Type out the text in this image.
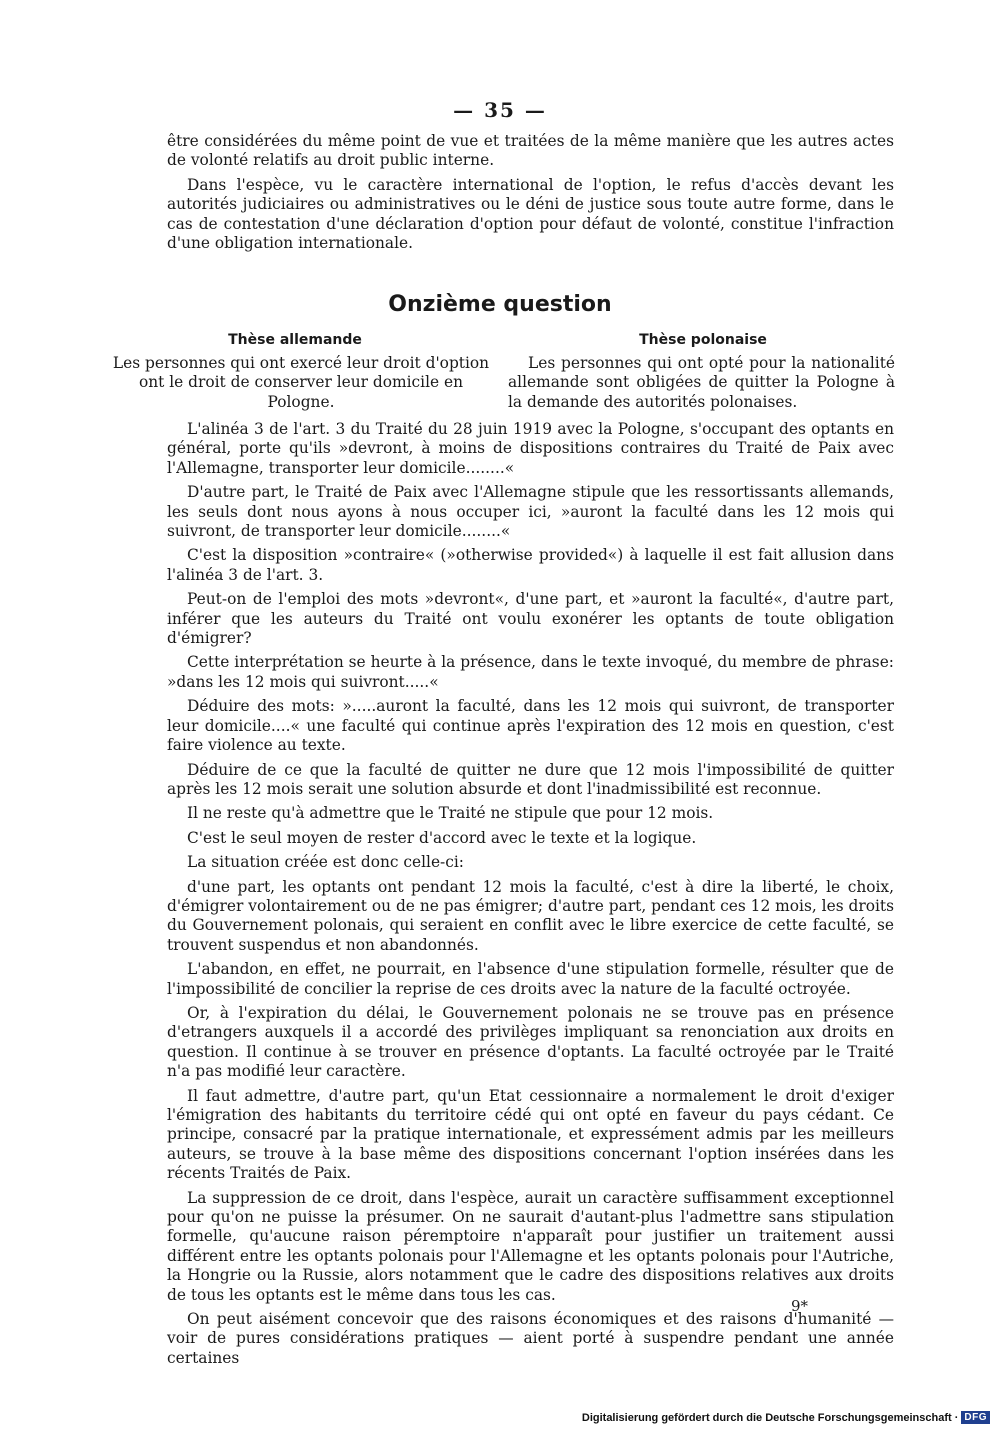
— 35 —

être considérées du même point de vue et traitées de la même manière que les autres actes de volonté relatifs au droit public interne.

Dans l'espèce, vu le caractère international de l'option, le refus d'accès devant les autorités judiciaires ou administratives ou le déni de justice sous toute autre forme, dans le cas de contestation d'une déclaration d'option pour défaut de volonté, constitue l'infraction d'une obligation internationale.

Onzième question
Thèse allemande	Thèse polonaise
Les personnes qui ont exercé leur droit d'option ont le droit de conserver leur domicile en Pologne.
Les personnes qui ont opté pour la nationalité allemande sont obligées de quitter la Pologne à la demande des autorités polonaises.

L'alinéa 3 de l'art. 3 du Traité du 28 juin 1919 avec la Pologne, s'occupant des optants en général, porte qu'ils »devront, à moins de dispositions contraires du Traité de Paix avec l'Allemagne, transporter leur domicile........«

D'autre part, le Traité de Paix avec l'Allemagne stipule que les ressortissants allemands, les seuls dont nous ayons à nous occuper ici, »auront la faculté dans les 12 mois qui suivront, de transporter leur domicile........«

C'est la disposition »contraire« (»otherwise provided«) à laquelle il est fait allusion dans l'alinéa 3 de l'art. 3.

Peut-on de l'emploi des mots »devront«, d'une part, et »auront la faculté«, d'autre part, inférer que les auteurs du Traité ont voulu exonérer les optants de toute obligation d'émigrer?

Cette interprétation se heurte à la présence, dans le texte invoqué, du membre de phrase: »dans les 12 mois qui suivront.....«

Déduire des mots: ».....auront la faculté, dans les 12 mois qui suivront, de transporter leur domicile....« une faculté qui continue après l'expiration des 12 mois en question, c'est faire violence au texte.

Déduire de ce que la faculté de quitter ne dure que 12 mois l'impossibilité de quitter après les 12 mois serait une solution absurde et dont l'inadmissibilité est reconnue.

Il ne reste qu'à admettre que le Traité ne stipule que pour 12 mois.

C'est le seul moyen de rester d'accord avec le texte et la logique.

La situation créée est donc celle-ci:

d'une part, les optants ont pendant 12 mois la faculté, c'est à dire la liberté, le choix, d'émigrer volontairement ou de ne pas émigrer; d'autre part, pendant ces 12 mois, les droits du Gouvernement polonais, qui seraient en conflit avec le libre exercice de cette faculté, se trouvent suspendus et non abandonnés.

L'abandon, en effet, ne pourrait, en l'absence d'une stipulation formelle, résulter que de l'impossibilité de concilier la reprise de ces droits avec la nature de la faculté octroyée.

Or, à l'expiration du délai, le Gouvernement polonais ne se trouve pas en présence d'etrangers auxquels il a accordé des privilèges impliquant sa renonciation aux droits en question. Il continue à se trouver en présence d'optants. La faculté octroyée par le Traité n'a pas modifié leur caractère.

Il faut admettre, d'autre part, qu'un Etat cessionnaire a normalement le droit d'exiger l'émigration des habitants du territoire cédé qui ont opté en faveur du pays cédant. Ce principe, consacré par la pratique internationale, et expressément admis par les meilleurs auteurs, se trouve à la base même des dispositions concernant l'option insérées dans les récents Traités de Paix.

La suppression de ce droit, dans l'espèce, aurait un caractère suffisamment exceptionnel pour qu'on ne puisse la présumer. On ne saurait d'autant-plus l'admettre sans stipulation formelle, qu'aucune raison péremptoire n'apparaît pour justifier un traitement aussi différent entre les optants polonais pour l'Allemagne et les optants polonais pour l'Autriche, la Hongrie ou la Russie, alors notamment que le cadre des dispositions relatives aux droits de tous les optants est le même dans tous les cas.

On peut aisément concevoir que des raisons économiques et des raisons d'humanité — voir de pures considérations pratiques — aient porté à suspendre pendant une année certaines

9*
Digitalisierung gefördert durch die Deutsche Forschungsgemeinschaft · DFG
